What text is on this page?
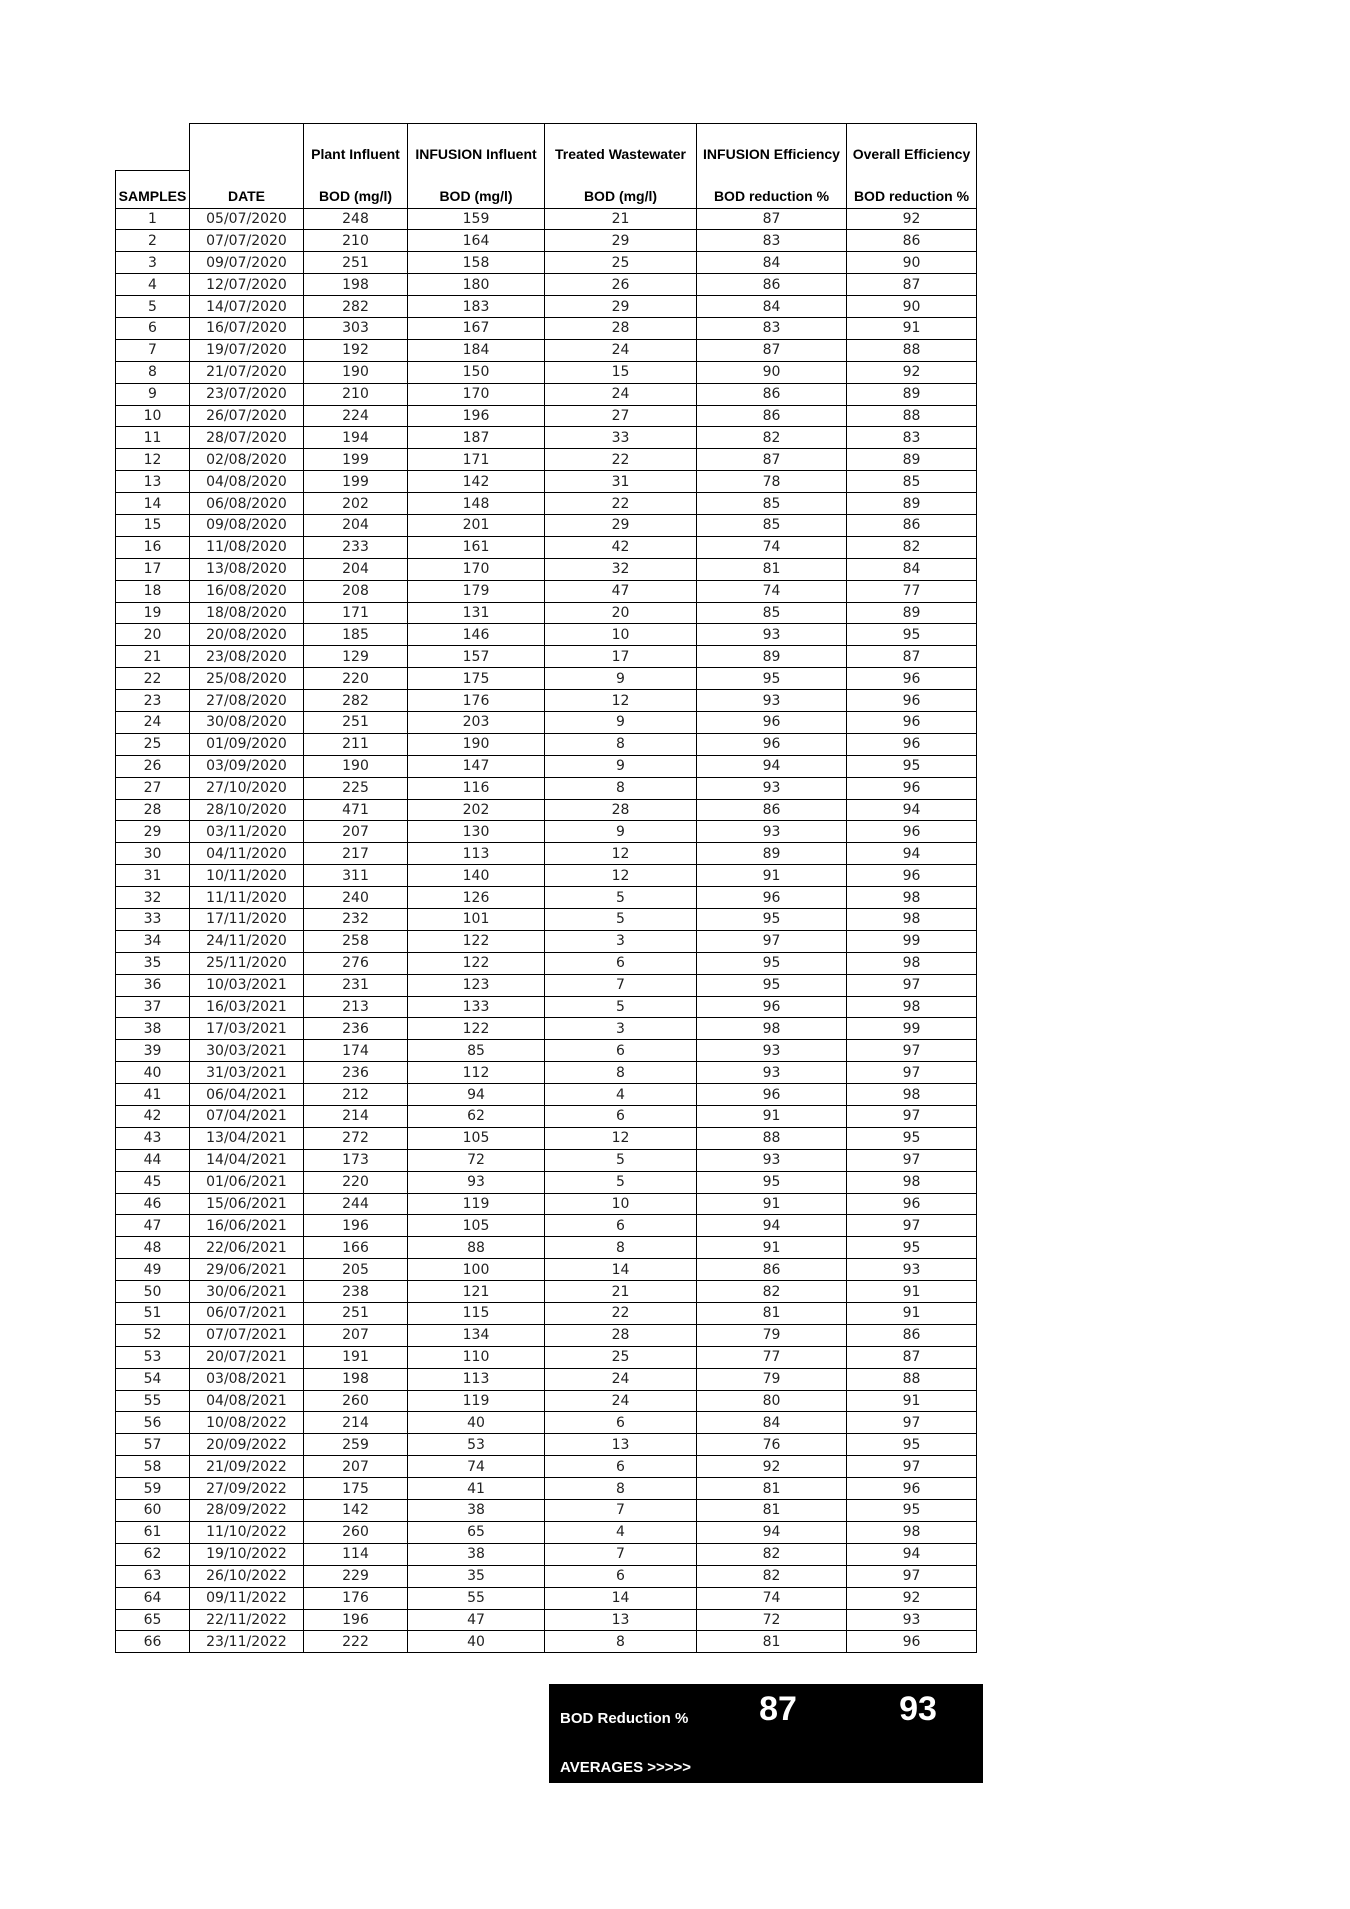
		Plant Influent	INFUSION Influent	Treated Wastewater	INFUSION Efficiency	Overall Efficiency
SAMPLES	DATE	BOD (mg/l)	BOD (mg/l)	BOD (mg/l)	BOD reduction %	BOD reduction %
1	05/07/2020	248	159	21	87	92
2	07/07/2020	210	164	29	83	86
3	09/07/2020	251	158	25	84	90
4	12/07/2020	198	180	26	86	87
5	14/07/2020	282	183	29	84	90
6	16/07/2020	303	167	28	83	91
7	19/07/2020	192	184	24	87	88
8	21/07/2020	190	150	15	90	92
9	23/07/2020	210	170	24	86	89
10	26/07/2020	224	196	27	86	88
11	28/07/2020	194	187	33	82	83
12	02/08/2020	199	171	22	87	89
13	04/08/2020	199	142	31	78	85
14	06/08/2020	202	148	22	85	89
15	09/08/2020	204	201	29	85	86
16	11/08/2020	233	161	42	74	82
17	13/08/2020	204	170	32	81	84
18	16/08/2020	208	179	47	74	77
19	18/08/2020	171	131	20	85	89
20	20/08/2020	185	146	10	93	95
21	23/08/2020	129	157	17	89	87
22	25/08/2020	220	175	9	95	96
23	27/08/2020	282	176	12	93	96
24	30/08/2020	251	203	9	96	96
25	01/09/2020	211	190	8	96	96
26	03/09/2020	190	147	9	94	95
27	27/10/2020	225	116	8	93	96
28	28/10/2020	471	202	28	86	94
29	03/11/2020	207	130	9	93	96
30	04/11/2020	217	113	12	89	94
31	10/11/2020	311	140	12	91	96
32	11/11/2020	240	126	5	96	98
33	17/11/2020	232	101	5	95	98
34	24/11/2020	258	122	3	97	99
35	25/11/2020	276	122	6	95	98
36	10/03/2021	231	123	7	95	97
37	16/03/2021	213	133	5	96	98
38	17/03/2021	236	122	3	98	99
39	30/03/2021	174	85	6	93	97
40	31/03/2021	236	112	8	93	97
41	06/04/2021	212	94	4	96	98
42	07/04/2021	214	62	6	91	97
43	13/04/2021	272	105	12	88	95
44	14/04/2021	173	72	5	93	97
45	01/06/2021	220	93	5	95	98
46	15/06/2021	244	119	10	91	96
47	16/06/2021	196	105	6	94	97
48	22/06/2021	166	88	8	91	95
49	29/06/2021	205	100	14	86	93
50	30/06/2021	238	121	21	82	91
51	06/07/2021	251	115	22	81	91
52	07/07/2021	207	134	28	79	86
53	20/07/2021	191	110	25	77	87
54	03/08/2021	198	113	24	79	88
55	04/08/2021	260	119	24	80	91
56	10/08/2022	214	40	6	84	97
57	20/09/2022	259	53	13	76	95
58	21/09/2022	207	74	6	92	97
59	27/09/2022	175	41	8	81	96
60	28/09/2022	142	38	7	81	95
61	11/10/2022	260	65	4	94	98
62	19/10/2022	114	38	7	82	94
63	26/10/2022	229	35	6	82	97
64	09/11/2022	176	55	14	74	92
65	22/11/2022	196	47	13	72	93
66	23/11/2022	222	40	8	81	96
BOD Reduction %	87	93
AVERAGES >>>>>
